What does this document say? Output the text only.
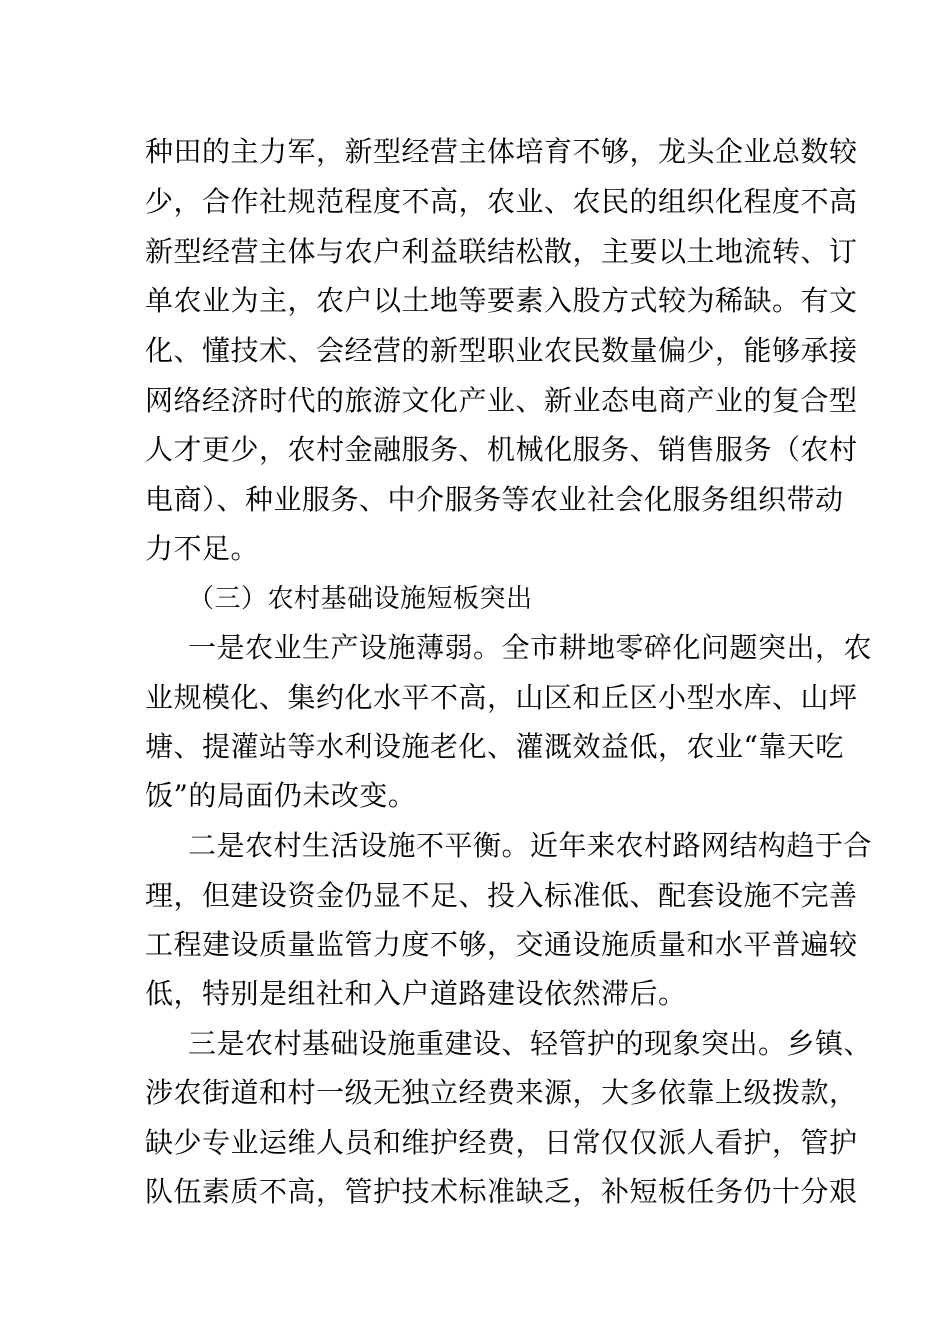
种田的主力军，新型经营主体培育不够，龙头企业总数较
少，合作社规范程度不高，农业、农民的组织化程度不高
新型经营主体与农户利益联结松散，主要以土地流转、订
单农业为主，农户以土地等要素入股方式较为稀缺。有文
化、懂技术、会经营的新型职业农民数量偏少，能够承接
网络经济时代的旅游文化产业、新业态电商产业的复合型
人才更少，农村金融服务、机械化服务、销售服务（农村
电商）、种业服务、中介服务等农业社会化服务组织带动
力不足。
（三）农村基础设施短板突出
一是农业生产设施薄弱。全市耕地零碎化问题突出，农
业规模化、集约化水平不高，山区和丘区小型水库、山坪
塘、提灌站等水利设施老化、灌溉效益低，农业“靠天吃
饭”的局面仍未改变。
二是农村生活设施不平衡。近年来农村路网结构趋于合
理，但建设资金仍显不足、投入标准低、配套设施不完善
工程建设质量监管力度不够，交通设施质量和水平普遍较
低，特别是组社和入户道路建设依然滞后。
三是农村基础设施重建设、轻管护的现象突出。乡镇、
涉农街道和村一级无独立经费来源，大多依靠上级拨款，
缺少专业运维人员和维护经费，日常仅仅派人看护，管护
队伍素质不高，管护技术标准缺乏，补短板任务仍十分艰
